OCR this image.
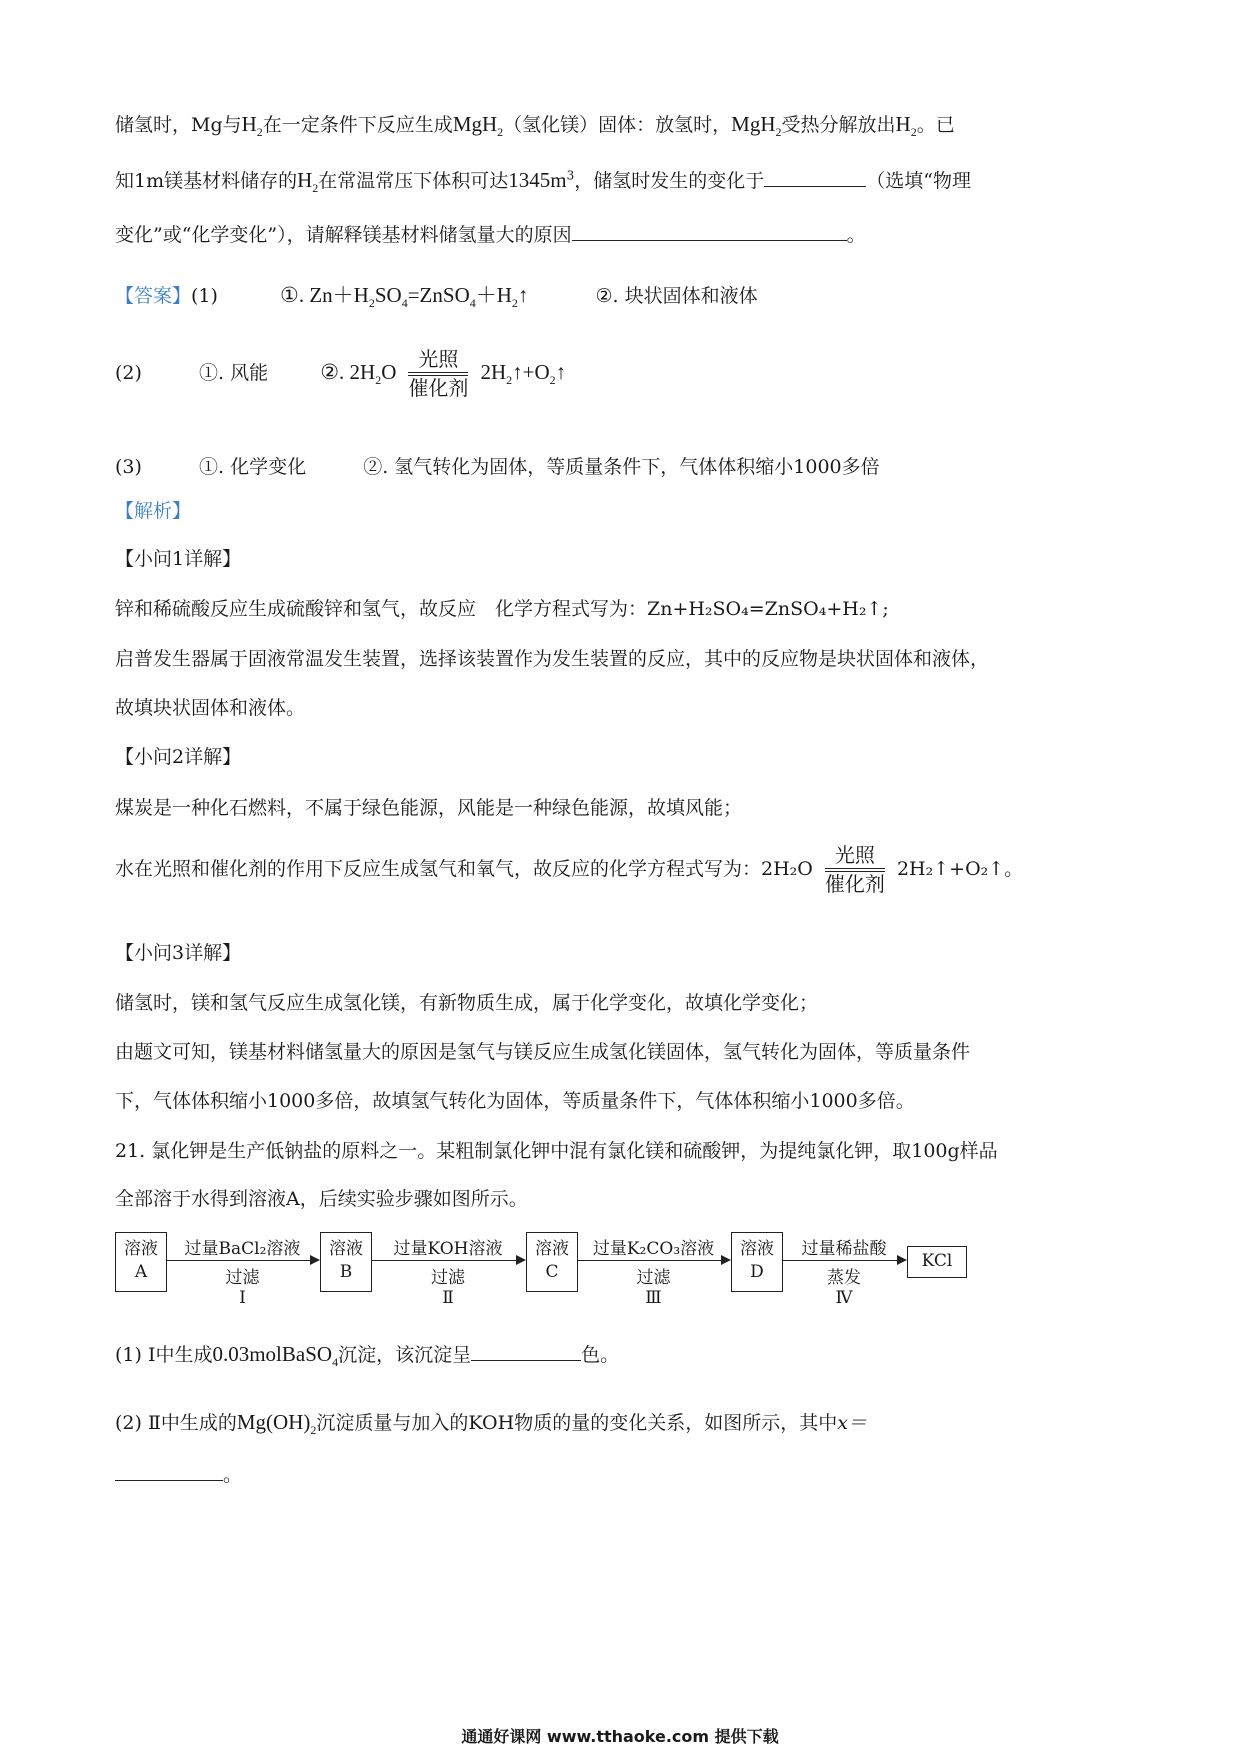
储氢时，Mg与$H_2$在一定条件下反应生成MgH$_2$（氢化镁）固体：放氢时，MgH$_2$受热分解放出$H_2$。已
知1m镁基材料储存的$H_2$在常温常压下体积可达$1345m^3$，储氢时发生的变化于	（选填“物理
变化”或“化学变化”），请解释镁基材料储氢量大的原因	。
【答案】(1)	①. $Zn+H_2SO_4=ZnSO_4+H_2↑$	②. 块状固体和液体
(2)	①. 风能 ②. $2H_2O$
光照
催化剂
$2H_2↑+O_2↑$
(3)	①. 化学变化	②. 氢气转化为固体，等质量条件下，气体体积缩小1000多倍
【解析】
【小问1详解】
锌和稀硫酸反应生成硫酸锌和氢气，故反应　化学方程式写为：Zn+H₂SO₄=ZnSO₄+H₂↑;
启普发生器属于固液常温发生装置，选择该装置作为发生装置的反应，其中的反应物是块状固体和液体，
故填块状固体和液体。
【小问2详解】
煤炭是一种化石燃料，不属于绿色能源，风能是一种绿色能源，故填风能；
水在光照和催化剂的作用下反应生成氢气和氧气，故反应的化学方程式写为：2H₂O
光照
催化剂
2H₂↑+O₂↑。
【小问3详解】
储氢时，镁和氢气反应生成氢化镁，有新物质生成，属于化学变化，故填化学变化；
由题文可知，镁基材料储氢量大的原因是氢气与镁反应生成氢化镁固体，氢气转化为固体，等质量条件
下，气体体积缩小1000多倍，故填氢气转化为固体，等质量条件下，气体体积缩小1000多倍。
21. 氯化钾是生产低钠盐的原料之一。某粗制氯化钾中混有氯化镁和硫酸钾，为提纯氯化钾，取100g样品
全部溶于水得到溶液A，后续实验步骤如图所示。
溶液
A
溶液
B
溶液
C
溶液
D
KCl
过量BaCl₂溶液
过滤
Ⅰ
过量KOH溶液
过滤
Ⅱ
过量K₂CO₃溶液
过滤
Ⅲ
过量稀盐酸
蒸发
Ⅳ
(1) Ⅰ中生成0.03molBaSO$_4$沉淀，该沉淀呈	色。
(2) Ⅱ中生成的$Mg(OH)_2$沉淀质量与加入的KOH物质的量的变化关系，如图所示，其中x＝
。
通通好课网 www.tthaoke.com 提供下载
